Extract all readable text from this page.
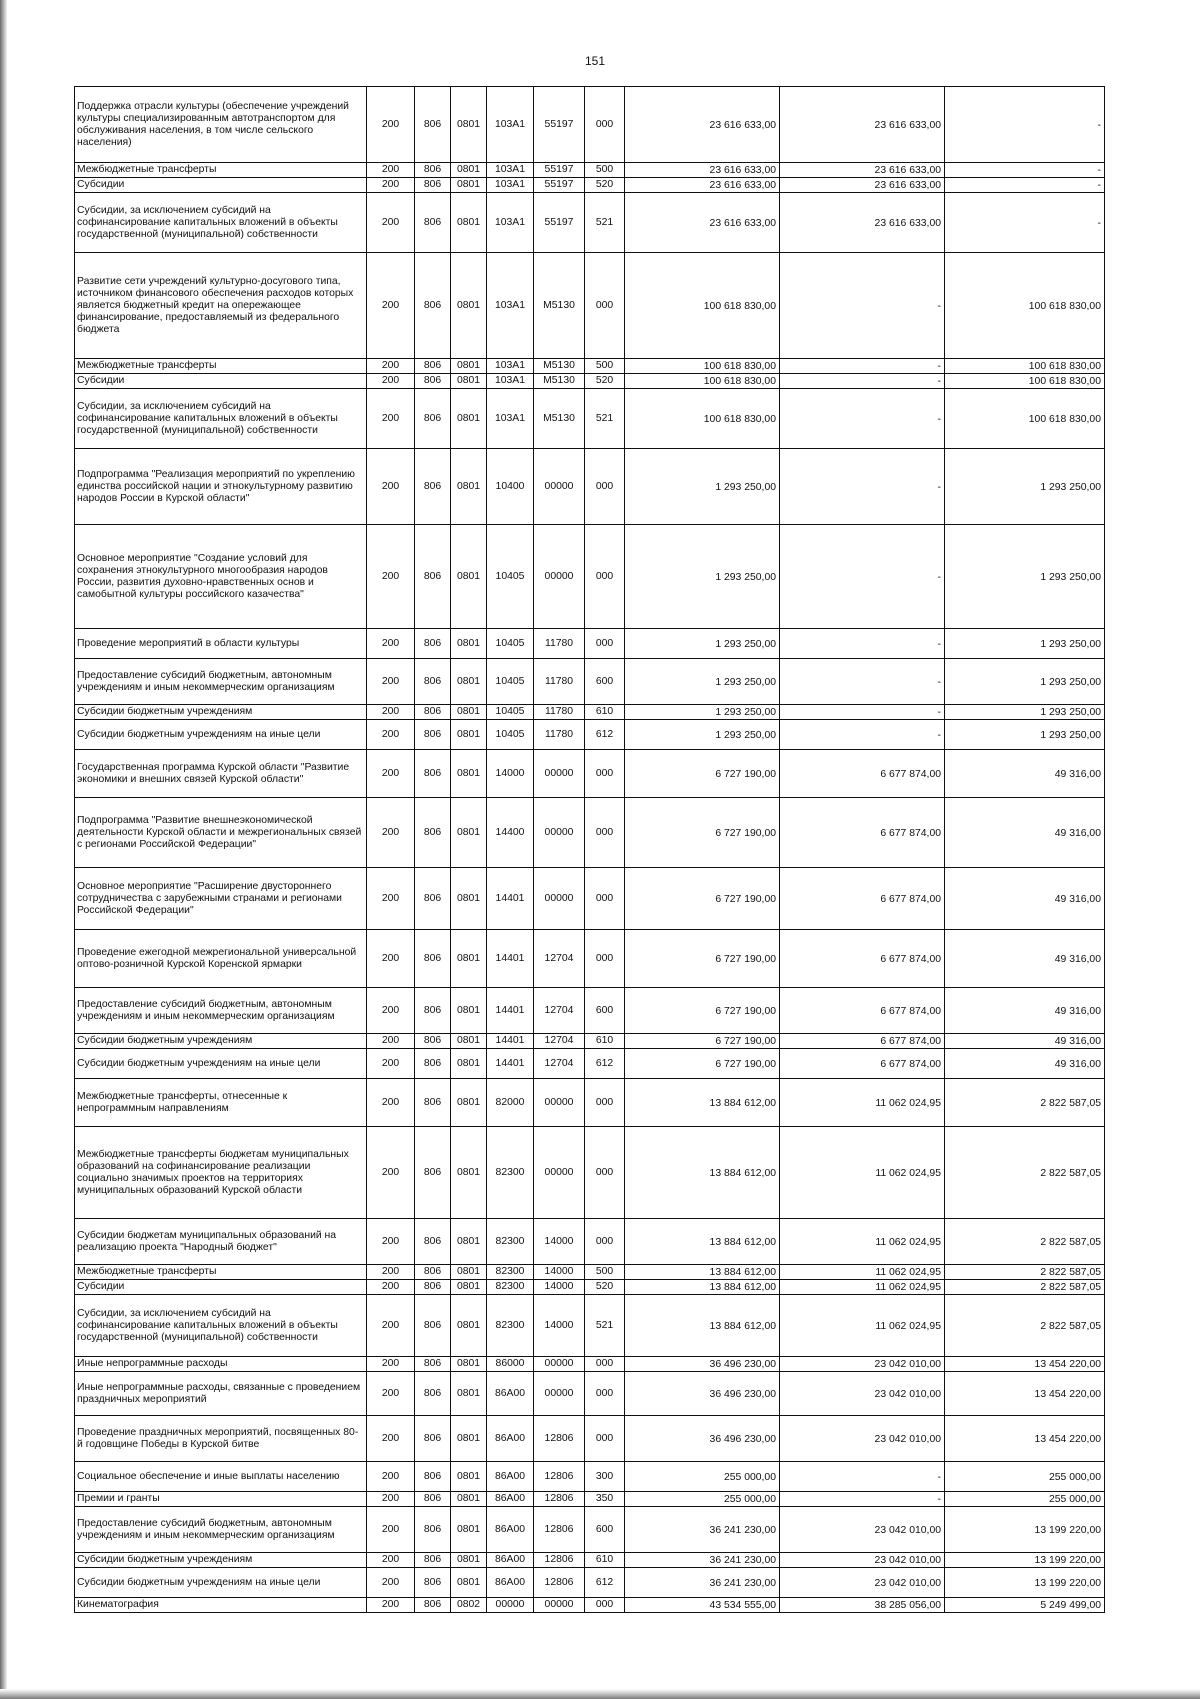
151
Поддержка отрасли культуры (обеспечение учреждений культуры специализированным автотранспортом для обслуживания населения, в том числе сельского населения)	200	806	0801	103A1	55197	000	23 616 633,00	23 616 633,00	-
Межбюджетные трансферты	200	806	0801	103A1	55197	500	23 616 633,00	23 616 633,00	-
Субсидии	200	806	0801	103A1	55197	520	23 616 633,00	23 616 633,00	-
Субсидии, за исключением субсидий на софинансирование капитальных вложений в объекты государственной (муниципальной) собственности	200	806	0801	103A1	55197	521	23 616 633,00	23 616 633,00	-
Развитие сети учреждений культурно-досугового типа, источником финансового обеспечения расходов которых является бюджетный кредит на опережающее финансирование, предоставляемый из федерального бюджета	200	806	0801	103A1	M5130	000	100 618 830,00	-	100 618 830,00
Межбюджетные трансферты	200	806	0801	103A1	M5130	500	100 618 830,00	-	100 618 830,00
Субсидии	200	806	0801	103A1	M5130	520	100 618 830,00	-	100 618 830,00
Субсидии, за исключением субсидий на софинансирование капитальных вложений в объекты государственной (муниципальной) собственности	200	806	0801	103A1	M5130	521	100 618 830,00	-	100 618 830,00
Подпрограмма "Реализация мероприятий по укреплению единства российской нации и этнокультурному развитию народов России в Курской области"	200	806	0801	10400	00000	000	1 293 250,00	-	1 293 250,00
Основное мероприятие "Создание условий для сохранения этнокультурного многообразия народов России, развития духовно-нравственных основ и самобытной культуры российского казачества"	200	806	0801	10405	00000	000	1 293 250,00	-	1 293 250,00
Проведение мероприятий в области культуры	200	806	0801	10405	11780	000	1 293 250,00	-	1 293 250,00
Предоставление субсидий бюджетным, автономным учреждениям и иным некоммерческим организациям	200	806	0801	10405	11780	600	1 293 250,00	-	1 293 250,00
Субсидии бюджетным учреждениям	200	806	0801	10405	11780	610	1 293 250,00	-	1 293 250,00
Субсидии бюджетным учреждениям на иные цели	200	806	0801	10405	11780	612	1 293 250,00	-	1 293 250,00
Государственная программа Курской области "Развитие экономики и внешних связей Курской области"	200	806	0801	14000	00000	000	6 727 190,00	6 677 874,00	49 316,00
Подпрограмма "Развитие внешнеэкономической деятельности Курской области и межрегиональных связей с регионами Российской Федерации"	200	806	0801	14400	00000	000	6 727 190,00	6 677 874,00	49 316,00
Основное мероприятие "Расширение двустороннего сотрудничества с зарубежными странами и регионами Российской Федерации"	200	806	0801	14401	00000	000	6 727 190,00	6 677 874,00	49 316,00
Проведение ежегодной межрегиональной универсальной оптово-розничной Курской Коренской ярмарки	200	806	0801	14401	12704	000	6 727 190,00	6 677 874,00	49 316,00
Предоставление субсидий бюджетным, автономным учреждениям и иным некоммерческим организациям	200	806	0801	14401	12704	600	6 727 190,00	6 677 874,00	49 316,00
Субсидии бюджетным учреждениям	200	806	0801	14401	12704	610	6 727 190,00	6 677 874,00	49 316,00
Субсидии бюджетным учреждениям на иные цели	200	806	0801	14401	12704	612	6 727 190,00	6 677 874,00	49 316,00
Межбюджетные трансферты, отнесенные к непрограммным направлениям	200	806	0801	82000	00000	000	13 884 612,00	11 062 024,95	2 822 587,05
Межбюджетные трансферты бюджетам муниципальных образований на софинансирование реализации социально значимых проектов на территориях муниципальных образований Курской области	200	806	0801	82300	00000	000	13 884 612,00	11 062 024,95	2 822 587,05
Субсидии бюджетам муниципальных образований на реализацию проекта "Народный бюджет"	200	806	0801	82300	14000	000	13 884 612,00	11 062 024,95	2 822 587,05
Межбюджетные трансферты	200	806	0801	82300	14000	500	13 884 612,00	11 062 024,95	2 822 587,05
Субсидии	200	806	0801	82300	14000	520	13 884 612,00	11 062 024,95	2 822 587,05
Субсидии, за исключением субсидий на софинансирование капитальных вложений в объекты государственной (муниципальной) собственности	200	806	0801	82300	14000	521	13 884 612,00	11 062 024,95	2 822 587,05
Иные непрограммные расходы	200	806	0801	86000	00000	000	36 496 230,00	23 042 010,00	13 454 220,00
Иные непрограммные расходы, связанные с проведением праздничных мероприятий	200	806	0801	86A00	00000	000	36 496 230,00	23 042 010,00	13 454 220,00
Проведение праздничных мероприятий, посвященных 80-й годовщине Победы в Курской битве	200	806	0801	86A00	12806	000	36 496 230,00	23 042 010,00	13 454 220,00
Социальное обеспечение и иные выплаты населению	200	806	0801	86A00	12806	300	255 000,00	-	255 000,00
Премии и гранты	200	806	0801	86A00	12806	350	255 000,00	-	255 000,00
Предоставление субсидий бюджетным, автономным учреждениям и иным некоммерческим организациям	200	806	0801	86A00	12806	600	36 241 230,00	23 042 010,00	13 199 220,00
Субсидии бюджетным учреждениям	200	806	0801	86A00	12806	610	36 241 230,00	23 042 010,00	13 199 220,00
Субсидии бюджетным учреждениям на иные цели	200	806	0801	86A00	12806	612	36 241 230,00	23 042 010,00	13 199 220,00
Кинематография	200	806	0802	00000	00000	000	43 534 555,00	38 285 056,00	5 249 499,00
